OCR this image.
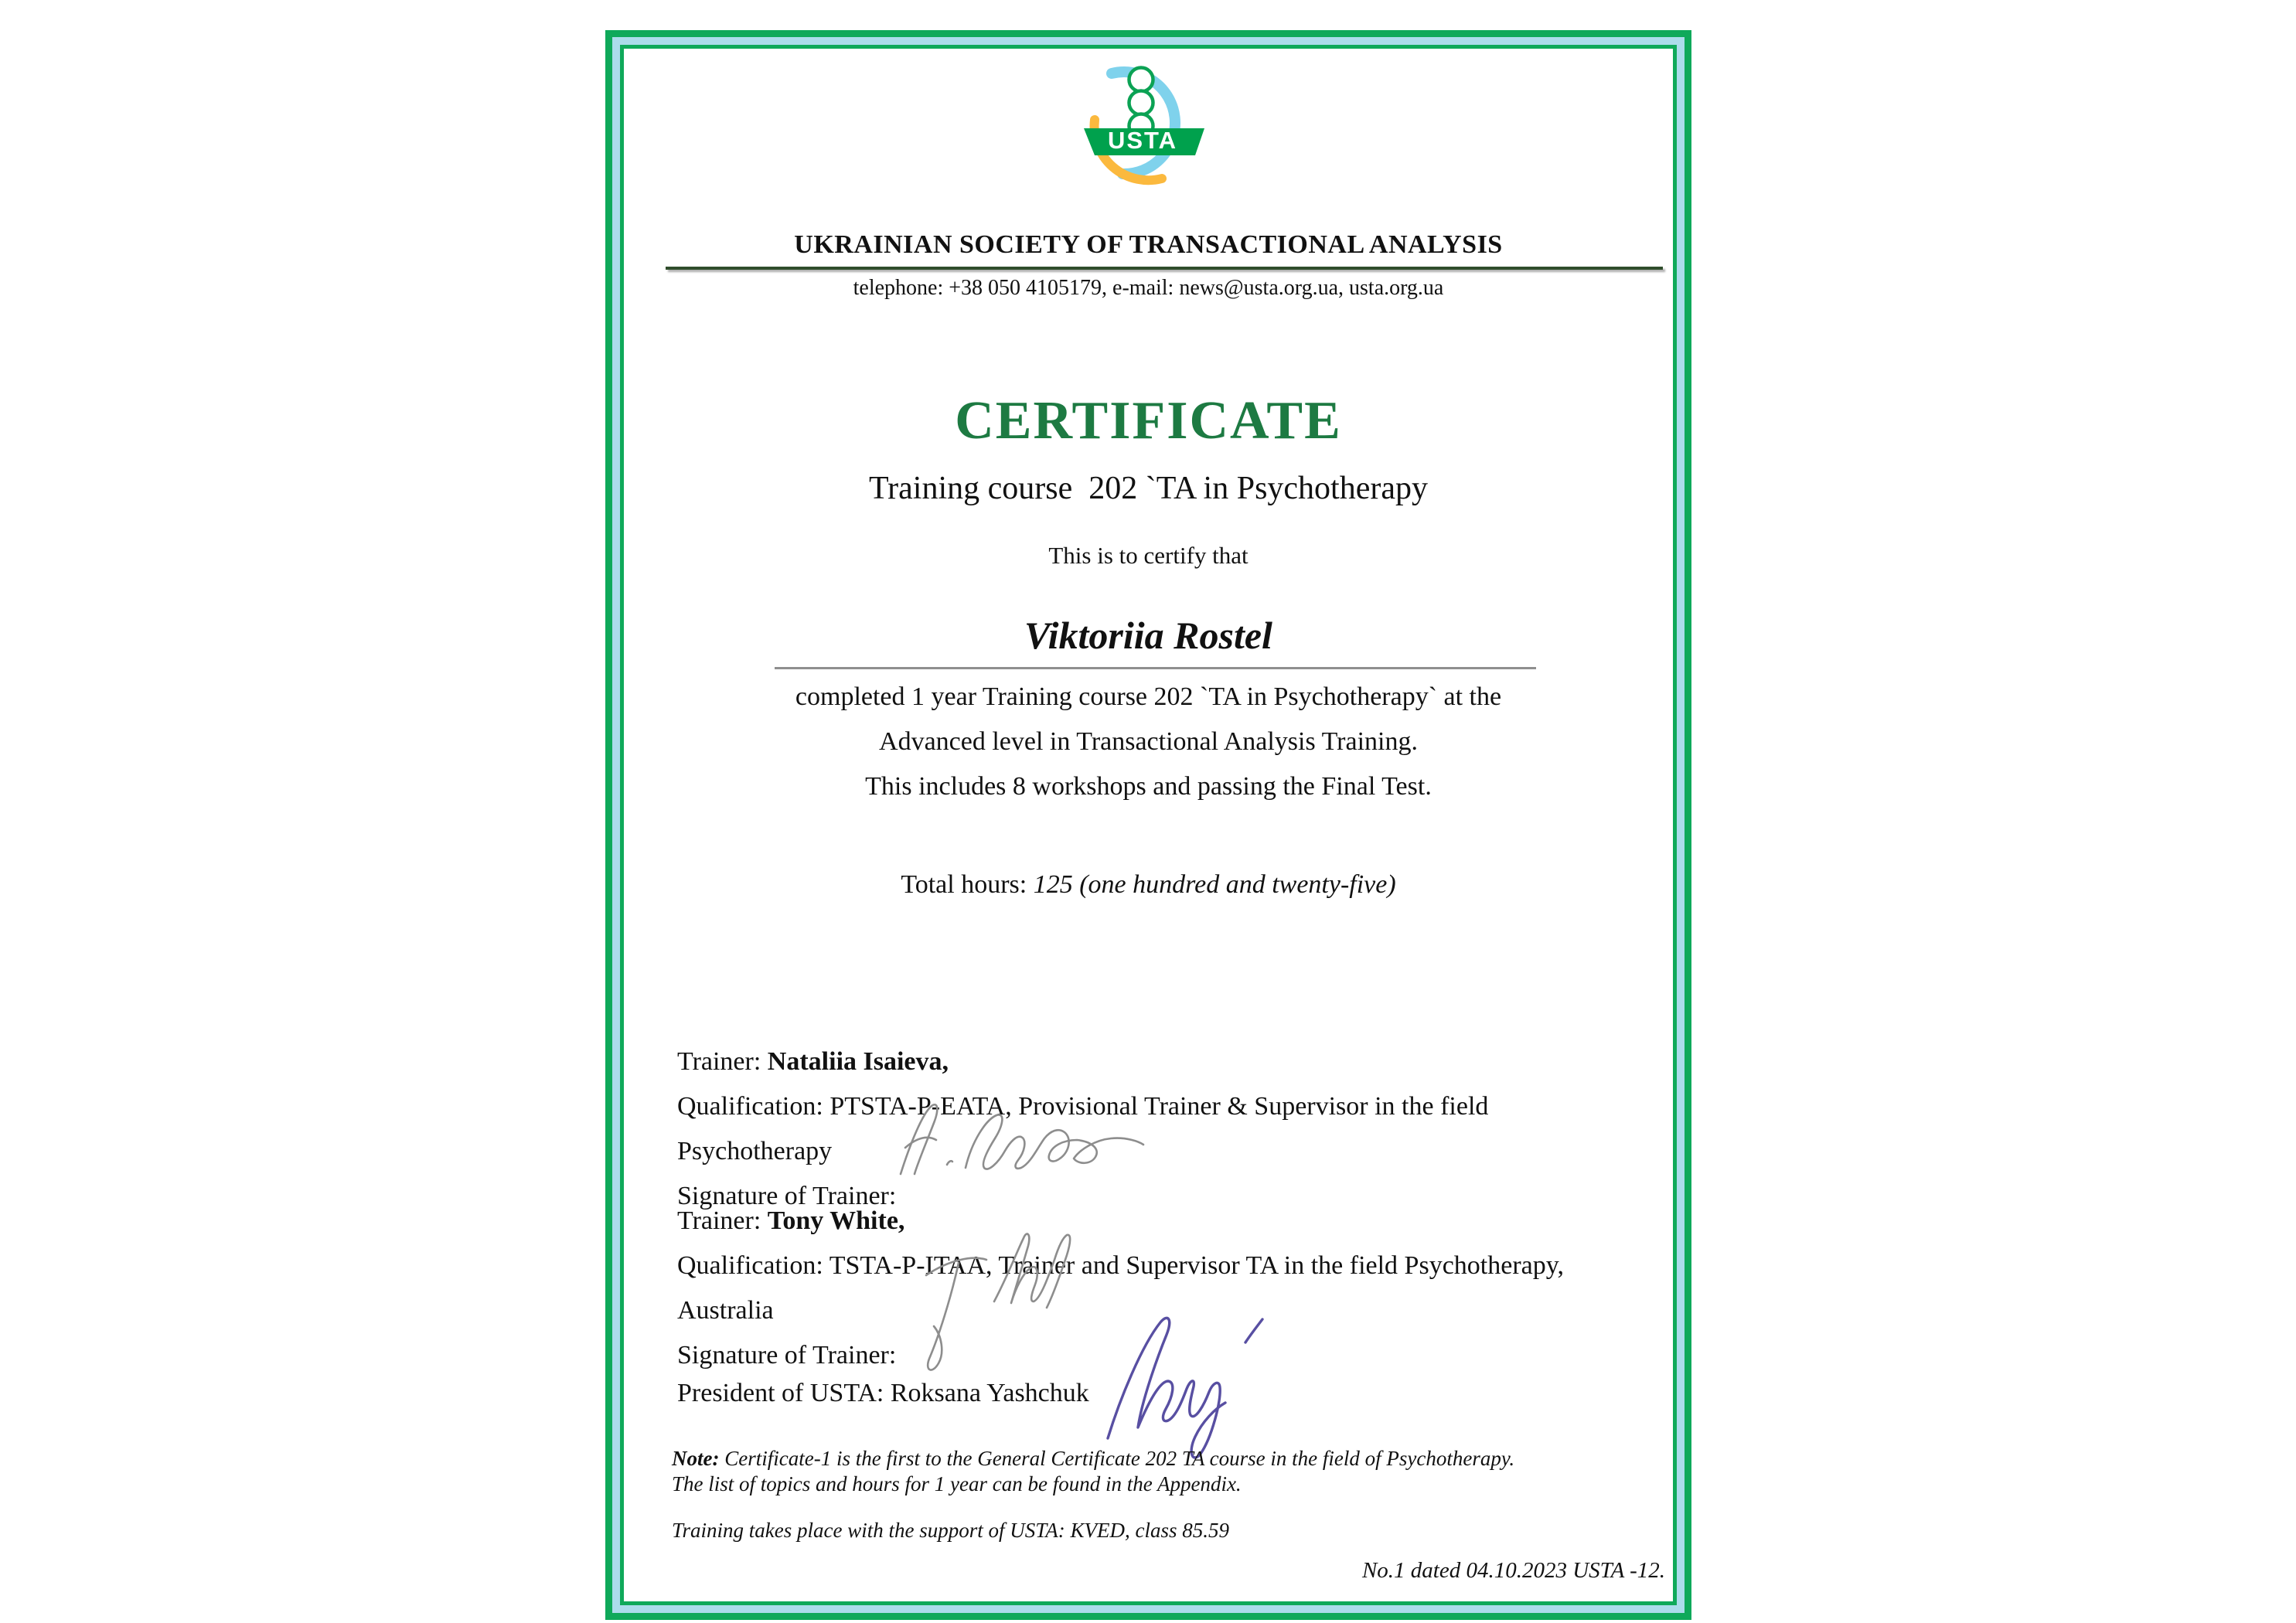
USTA
UKRAINIAN SOCIETY OF TRANSACTIONAL ANALYSIS
telephone: +38 050 4105179, e-mail: news@usta.org.ua, usta.org.ua
CERTIFICATE
Training course  202 `TA in Psychotherapy
This is to certify that
Viktoriia Rostel
completed 1 year Training course 202 `TA in Psychotherapy` at the
Advanced level in Transactional Analysis Training.
This includes 8 workshops and passing the Final Test.
Total hours: 125 (one hundred and twenty-five)
Trainer: Nataliia Isaieva,
Qualification: PTSTA-P-EATA, Provisional Trainer & Supervisor in the field Psychotherapy
Signature of Trainer:
Trainer: Tony White,
Qualification: TSTA-P-ITAA, Trainer and Supervisor TA in the field Psychotherapy, Australia
Signature of Trainer:
President of USTA: Roksana Yashchuk
Note: Certificate-1 is the first to the General Certificate 202 TA course in the field of Psychotherapy.
The list of topics and hours for 1 year can be found in the Appendix.
Training takes place with the support of USTA: KVED, class 85.59
No.1 dated 04.10.2023 USTA -12.
